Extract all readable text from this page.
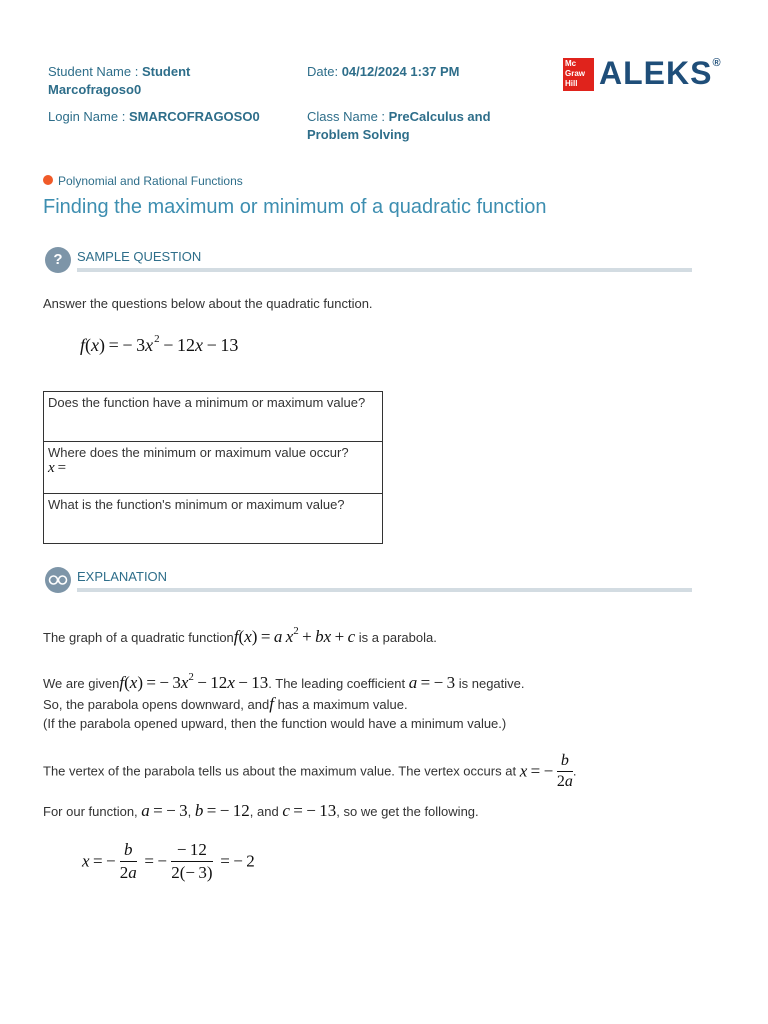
Student Name : Student
Marcofragoso0
Login Name : SMARCOFRAGOSO0
Date: 04/12/2024 1:37 PM
Class Name : PreCalculus and
Problem Solving
Mc
Graw
Hill ALEKS®
Polynomial and Rational Functions
Finding the maximum or minimum of a quadratic function
?	SAMPLE QUESTION
Answer the questions below about the quadratic function.
f(x) = − $3x^2 - 12x - 13$
Does the function have a minimum or maximum value?
Where does the minimum or maximum value occur?
x =
What is the function's minimum or maximum value?
EXPLANATION
The graph of a quadratic functionf(x) = a  $x^2$ + bx + c is a parabola.
We are givenf(x) = − $3x^2 - 12x - 13$. The leading coefficient a = − 3 is negative.
So, the parabola opens downward, andf has a maximum value.
(If the parabola opened upward, then the function would have a minimum value.)
The vertex of the parabola tells us about the maximum value. The vertex occurs at x = − $\frac{b}{2a}$ .
For our function, a = − 3, b = − 12, and c = − 13, so we get the following.
x = − $\frac{b}{2a}$  = − $\frac{- 12}{2(- 3)}$  = − 2
